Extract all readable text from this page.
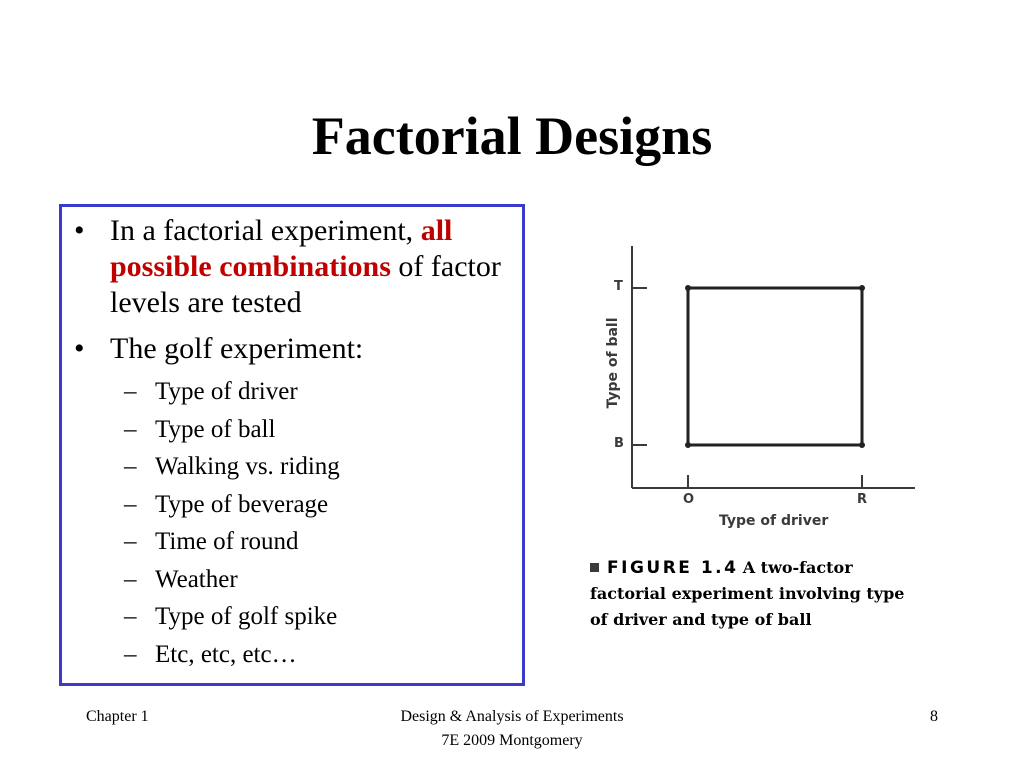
Factorial Designs
• In a factorial experiment, all possible combinations of factor levels are tested
• The golf experiment:
– Type of driver
– Type of ball
– Walking vs. riding
– Type of beverage
– Time of round
– Weather
– Type of golf spike
– Etc, etc, etc…
T
B
O	R
Type of driver
Type of ball
FIGURE 1.4 A two-factor factorial experiment involving type of driver and type of ball
Chapter 1	Design & Analysis of Experiments
7E 2009 Montgomery
8
